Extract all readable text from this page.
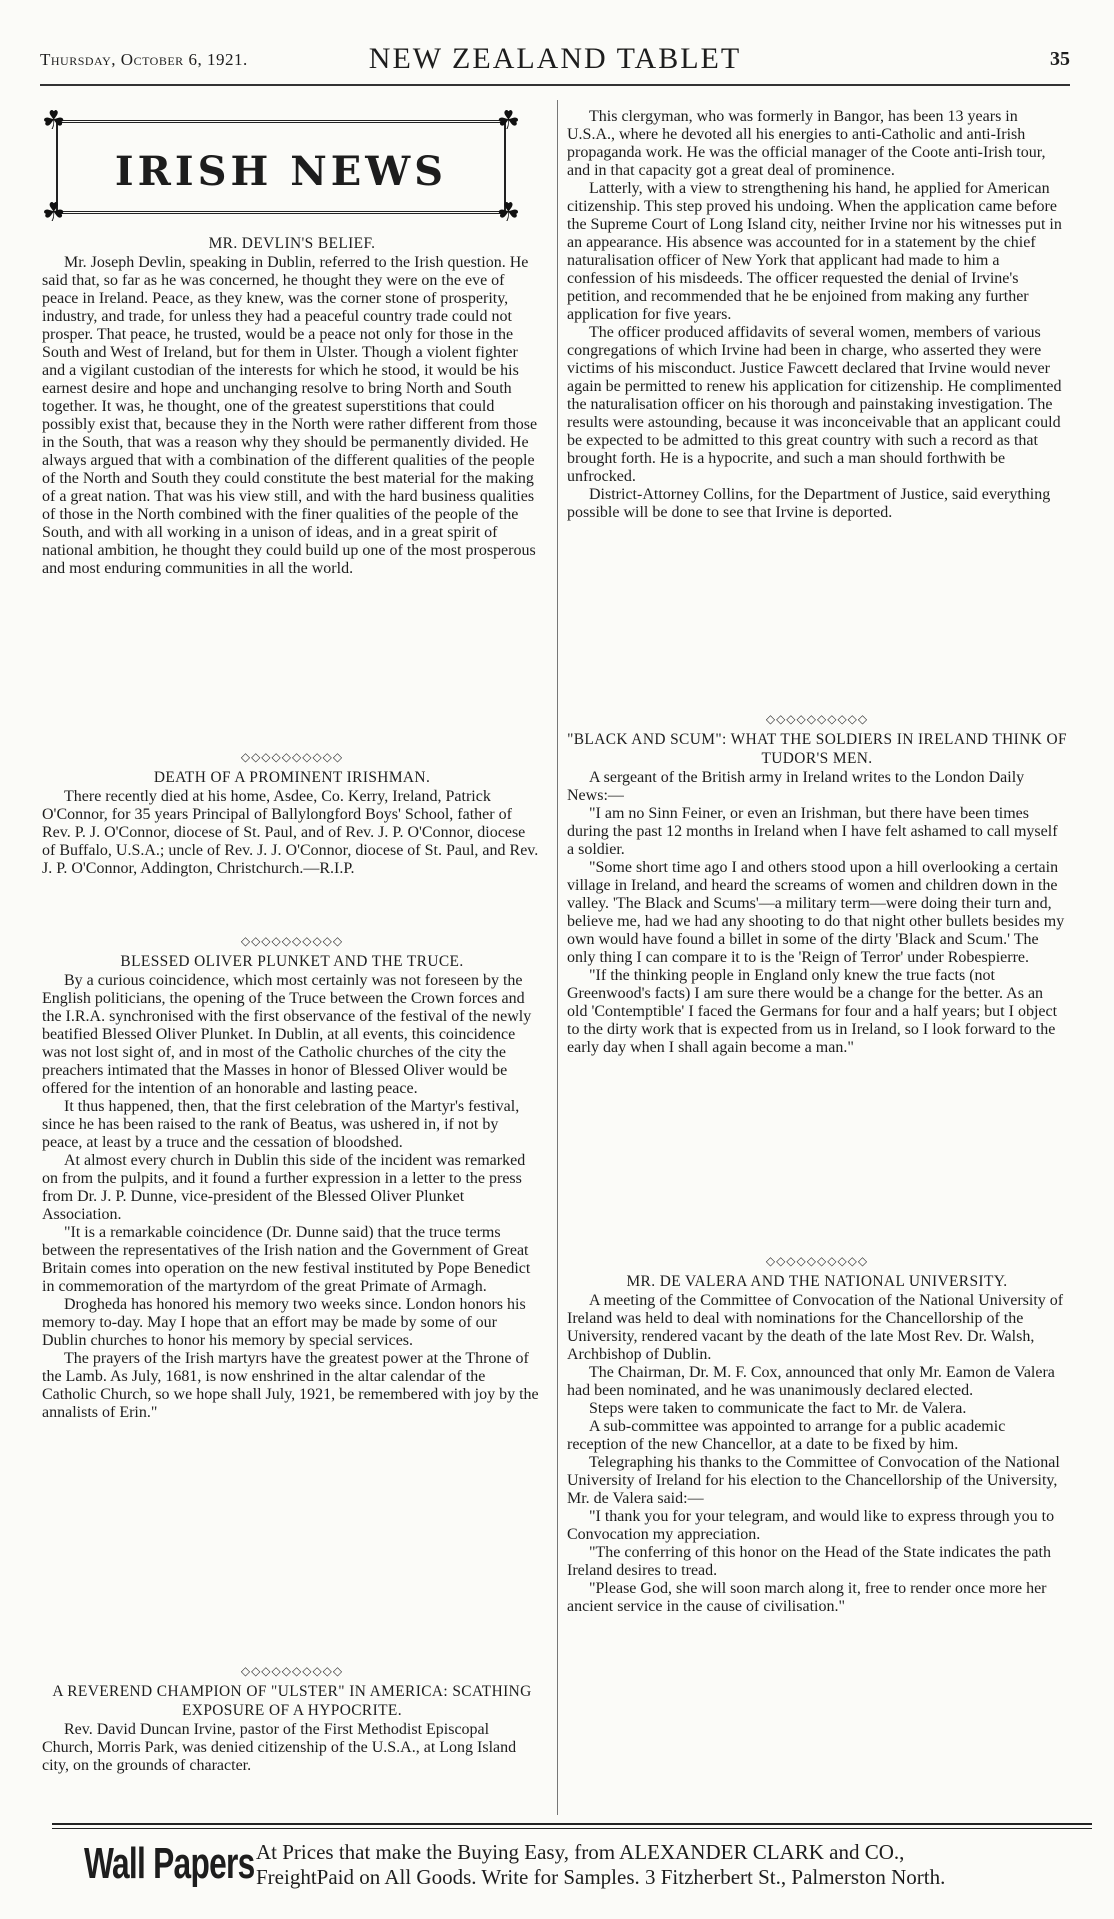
Thursday, October 6, 1921.	NEW ZEALAND TABLET	35
☘	☘
☘	☘
IRISH NEWS
MR. DEVLIN'S BELIEF.

Mr. Joseph Devlin, speaking in Dublin, referred to the Irish question. He said that, so far as he was concerned, he thought they were on the eve of peace in Ireland. Peace, as they knew, was the corner stone of prosperity, industry, and trade, for unless they had a peaceful country trade could not prosper. That peace, he trusted, would be a peace not only for those in the South and West of Ireland, but for them in Ulster. Though a violent fighter and a vigilant custodian of the interests for which he stood, it would be his earnest desire and hope and unchanging resolve to bring North and South together. It was, he thought, one of the greatest superstitions that could possibly exist that, because they in the North were rather different from those in the South, that was a reason why they should be permanently divided. He always argued that with a combination of the different qualities of the people of the North and South they could constitute the best material for the making of a great nation. That was his view still, and with the hard business qualities of those in the North combined with the finer qualities of the people of the South, and with all working in a unison of ideas, and in a great spirit of national ambition, he thought they could build up one of the most prosperous and most enduring communities in all the world.

◇◇◇◇◇◇◇◇◇◇
DEATH OF A PROMINENT IRISHMAN.

There recently died at his home, Asdee, Co. Kerry, Ireland, Patrick O'Connor, for 35 years Principal of Ballylongford Boys' School, father of Rev. P. J. O'Connor, diocese of St. Paul, and of Rev. J. P. O'Connor, diocese of Buffalo, U.S.A.; uncle of Rev. J. J. O'Connor, diocese of St. Paul, and Rev. J. P. O'Connor, Addington, Christchurch.—R.I.P.

◇◇◇◇◇◇◇◇◇◇
BLESSED OLIVER PLUNKET AND THE TRUCE.

By a curious coincidence, which most certainly was not foreseen by the English politicians, the opening of the Truce between the Crown forces and the I.R.A. synchronised with the first observance of the festival of the newly beatified Blessed Oliver Plunket. In Dublin, at all events, this coincidence was not lost sight of, and in most of the Catholic churches of the city the preachers intimated that the Masses in honor of Blessed Oliver would be offered for the intention of an honorable and lasting peace.

It thus happened, then, that the first celebration of the Martyr's festival, since he has been raised to the rank of Beatus, was ushered in, if not by peace, at least by a truce and the cessation of bloodshed.

At almost every church in Dublin this side of the incident was remarked on from the pulpits, and it found a further expression in a letter to the press from Dr. J. P. Dunne, vice-president of the Blessed Oliver Plunket Association.

"It is a remarkable coincidence (Dr. Dunne said) that the truce terms between the representatives of the Irish nation and the Government of Great Britain comes into operation on the new festival instituted by Pope Benedict in commemoration of the martyrdom of the great Primate of Armagh.

Drogheda has honored his memory two weeks since. London honors his memory to-day. May I hope that an effort may be made by some of our Dublin churches to honor his memory by special services.

The prayers of the Irish martyrs have the greatest power at the Throne of the Lamb. As July, 1681, is now enshrined in the altar calendar of the Catholic Church, so we hope shall July, 1921, be remembered with joy by the annalists of Erin."

◇◇◇◇◇◇◇◇◇◇
A REVEREND CHAMPION OF "ULSTER" IN AMERICA: SCATHING EXPOSURE OF A HYPOCRITE.

Rev. David Duncan Irvine, pastor of the First Methodist Episcopal Church, Morris Park, was denied citizenship of the U.S.A., at Long Island city, on the grounds of character.

This clergyman, who was formerly in Bangor, has been 13 years in U.S.A., where he devoted all his energies to anti-Catholic and anti-Irish propaganda work. He was the official manager of the Coote anti-Irish tour, and in that capacity got a great deal of prominence.

Latterly, with a view to strengthening his hand, he applied for American citizenship. This step proved his undoing. When the application came before the Supreme Court of Long Island city, neither Irvine nor his witnesses put in an appearance. His absence was accounted for in a statement by the chief naturalisation officer of New York that applicant had made to him a confession of his misdeeds. The officer requested the denial of Irvine's petition, and recommended that he be enjoined from making any further application for five years.

The officer produced affidavits of several women, members of various congregations of which Irvine had been in charge, who asserted they were victims of his misconduct. Justice Fawcett declared that Irvine would never again be permitted to renew his application for citizenship. He complimented the naturalisation officer on his thorough and painstaking investigation. The results were astounding, because it was inconceivable that an applicant could be expected to be admitted to this great country with such a record as that brought forth. He is a hypocrite, and such a man should forthwith be unfrocked.

District-Attorney Collins, for the Department of Justice, said everything possible will be done to see that Irvine is deported.

◇◇◇◇◇◇◇◇◇◇
"BLACK AND SCUM": WHAT THE SOLDIERS IN IRELAND THINK OF TUDOR'S MEN.

A sergeant of the British army in Ireland writes to the London Daily News:—

"I am no Sinn Feiner, or even an Irishman, but there have been times during the past 12 months in Ireland when I have felt ashamed to call myself a soldier.

"Some short time ago I and others stood upon a hill overlooking a certain village in Ireland, and heard the screams of women and children down in the valley. 'The Black and Scums'—a military term—were doing their turn and, believe me, had we had any shooting to do that night other bullets besides my own would have found a billet in some of the dirty 'Black and Scum.' The only thing I can compare it to is the 'Reign of Terror' under Robespierre.

"If the thinking people in England only knew the true facts (not Greenwood's facts) I am sure there would be a change for the better. As an old 'Contemptible' I faced the Germans for four and a half years; but I object to the dirty work that is expected from us in Ireland, so I look forward to the early day when I shall again become a man."

◇◇◇◇◇◇◇◇◇◇
MR. DE VALERA AND THE NATIONAL UNIVERSITY.

A meeting of the Committee of Convocation of the National University of Ireland was held to deal with nominations for the Chancellorship of the University, rendered vacant by the death of the late Most Rev. Dr. Walsh, Archbishop of Dublin.

The Chairman, Dr. M. F. Cox, announced that only Mr. Eamon de Valera had been nominated, and he was unanimously declared elected.

Steps were taken to communicate the fact to Mr. de Valera.

A sub-committee was appointed to arrange for a public academic reception of the new Chancellor, at a date to be fixed by him.

Telegraphing his thanks to the Committee of Convocation of the National University of Ireland for his election to the Chancellorship of the University, Mr. de Valera said:—

"I thank you for your telegram, and would like to express through you to Convocation my appreciation.

"The conferring of this honor on the Head of the State indicates the path Ireland desires to tread.

"Please God, she will soon march along it, free to render once more her ancient service in the cause of civilisation."

Wall Papers At Prices that make the Buying Easy, from ALEXANDER CLARK and CO.,
FreightPaid on All Goods. Write for Samples. 3 Fitzherbert St., Palmerston North.
